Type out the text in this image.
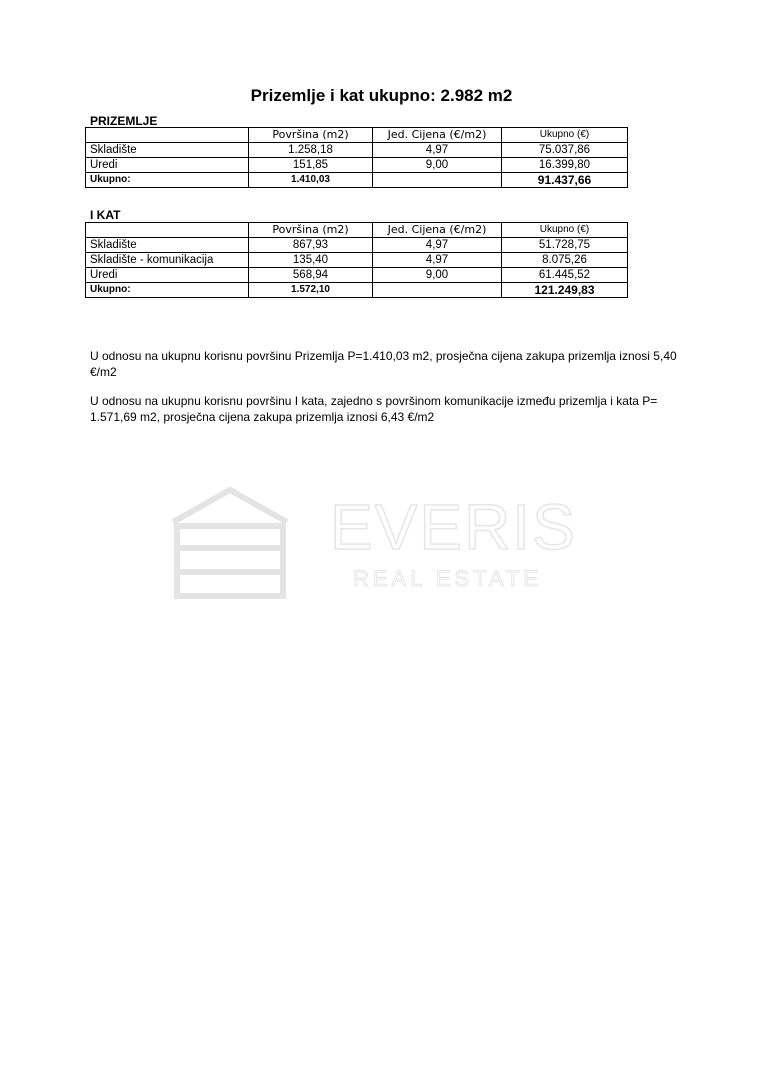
Prizemlje i kat ukupno: 2.982 m2
PRIZEMLJE
	Površina (m2)	Jed. Cijena (€/m2)	Ukupno (€)
Skladište	1.258,18	4,97	75.037,86
Uredi	151,85	9,00	16.399,80
Ukupno:	1.410,03		91.437,66
I KAT
	Površina (m2)	Jed. Cijena (€/m2)	Ukupno (€)
Skladište	867,93	4,97	51.728,75
Skladište - komunikacija	135,40	4,97	8.075,26
Uredi	568,94	9,00	61.445,52
Ukupno:	1.572,10		121.249,83
U odnosu na ukupnu korisnu površinu Prizemlja P=1.410,03 m2, prosječna cijena zakupa prizemlja iznosi 5,40 €/m2
U odnosu na ukupnu korisnu površinu I kata, zajedno s površinom komunikacije između prizemlja i kata P= 1.571,69 m2, prosječna cijena zakupa prizemlja iznosi 6,43 €/m2
EVERIS
REAL ESTATE
